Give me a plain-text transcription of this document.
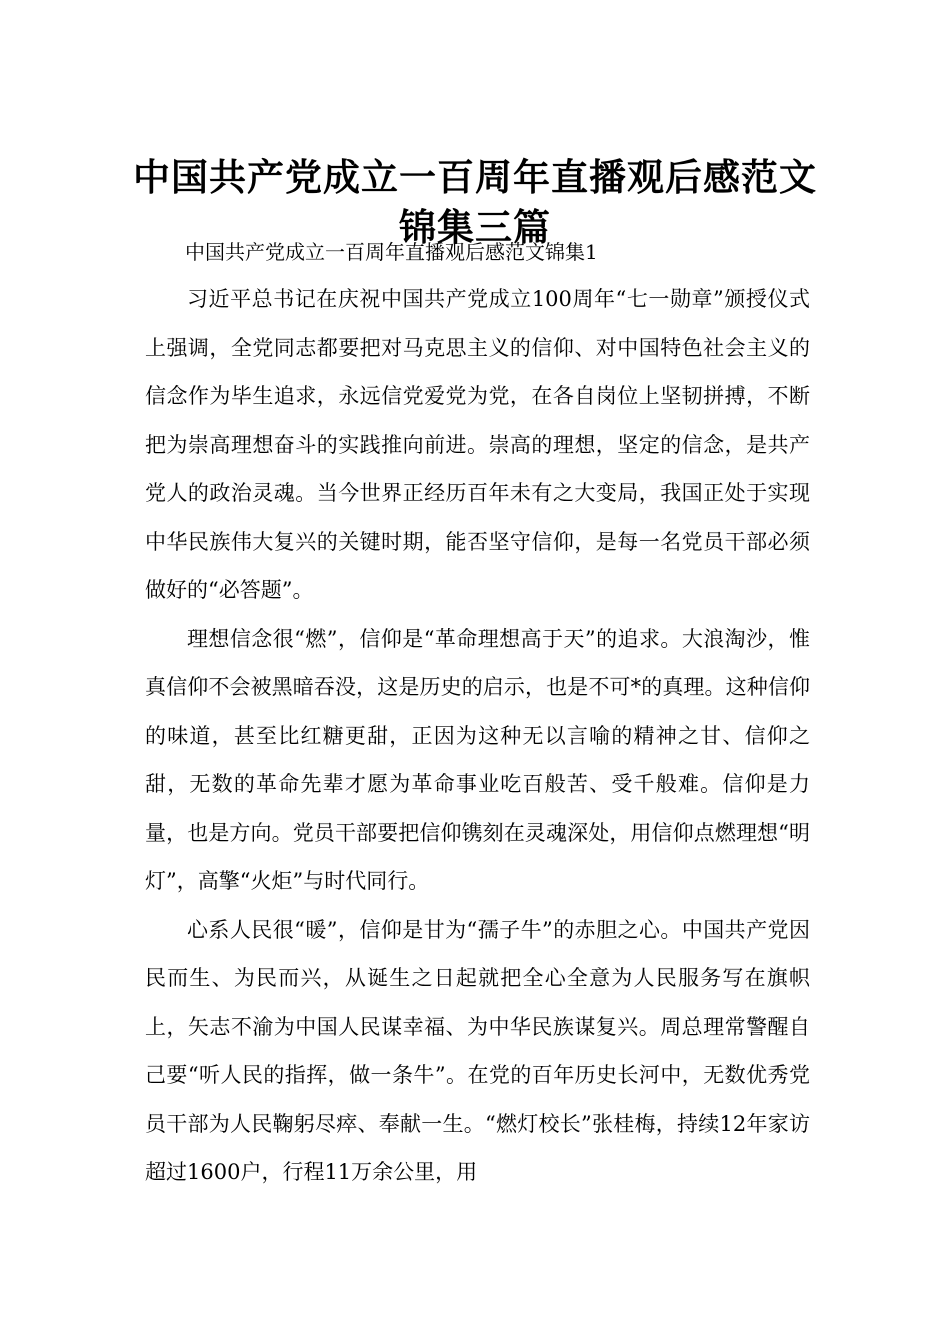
中国共产党成立一百周年直播观后感范文锦集三篇
中国共产党成立一百周年直播观后感范文锦集1

习近平总书记在庆祝中国共产党成立100周年“七一勋章”颁授仪式上强调，全党同志都要把对马克思主义的信仰、对中国特色社会主义的信念作为毕生追求，永远信党爱党为党，在各自岗位上坚韧拼搏，不断把为崇高理想奋斗的实践推向前进。崇高的理想，坚定的信念，是共产党人的政治灵魂。当今世界正经历百年未有之大变局，我国正处于实现中华民族伟大复兴的关键时期，能否坚守信仰，是每一名党员干部必须做好的“必答题”。

理想信念很“燃”，信仰是“革命理想高于天”的追求。大浪淘沙，惟真信仰不会被黑暗吞没，这是历史的启示，也是不可*的真理。这种信仰的味道，甚至比红糖更甜，正因为这种无以言喻的精神之甘、信仰之甜，无数的革命先辈才愿为革命事业吃百般苦、受千般难。信仰是力量，也是方向。党员干部要把信仰镌刻在灵魂深处，用信仰点燃理想“明灯”，高擎“火炬”与时代同行。

心系人民很“暖”，信仰是甘为“孺子牛”的赤胆之心。中国共产党因民而生、为民而兴，从诞生之日起就把全心全意为人民服务写在旗帜上，矢志不渝为中国人民谋幸福、为中华民族谋复兴。周总理常警醒自己要“听人民的指挥，做一条牛”。在党的百年历史长河中，无数优秀党员干部为人民鞠躬尽瘁、奉献一生。“燃灯校长”张桂梅，持续12年家访超过1600户，行程11万余公里，用
